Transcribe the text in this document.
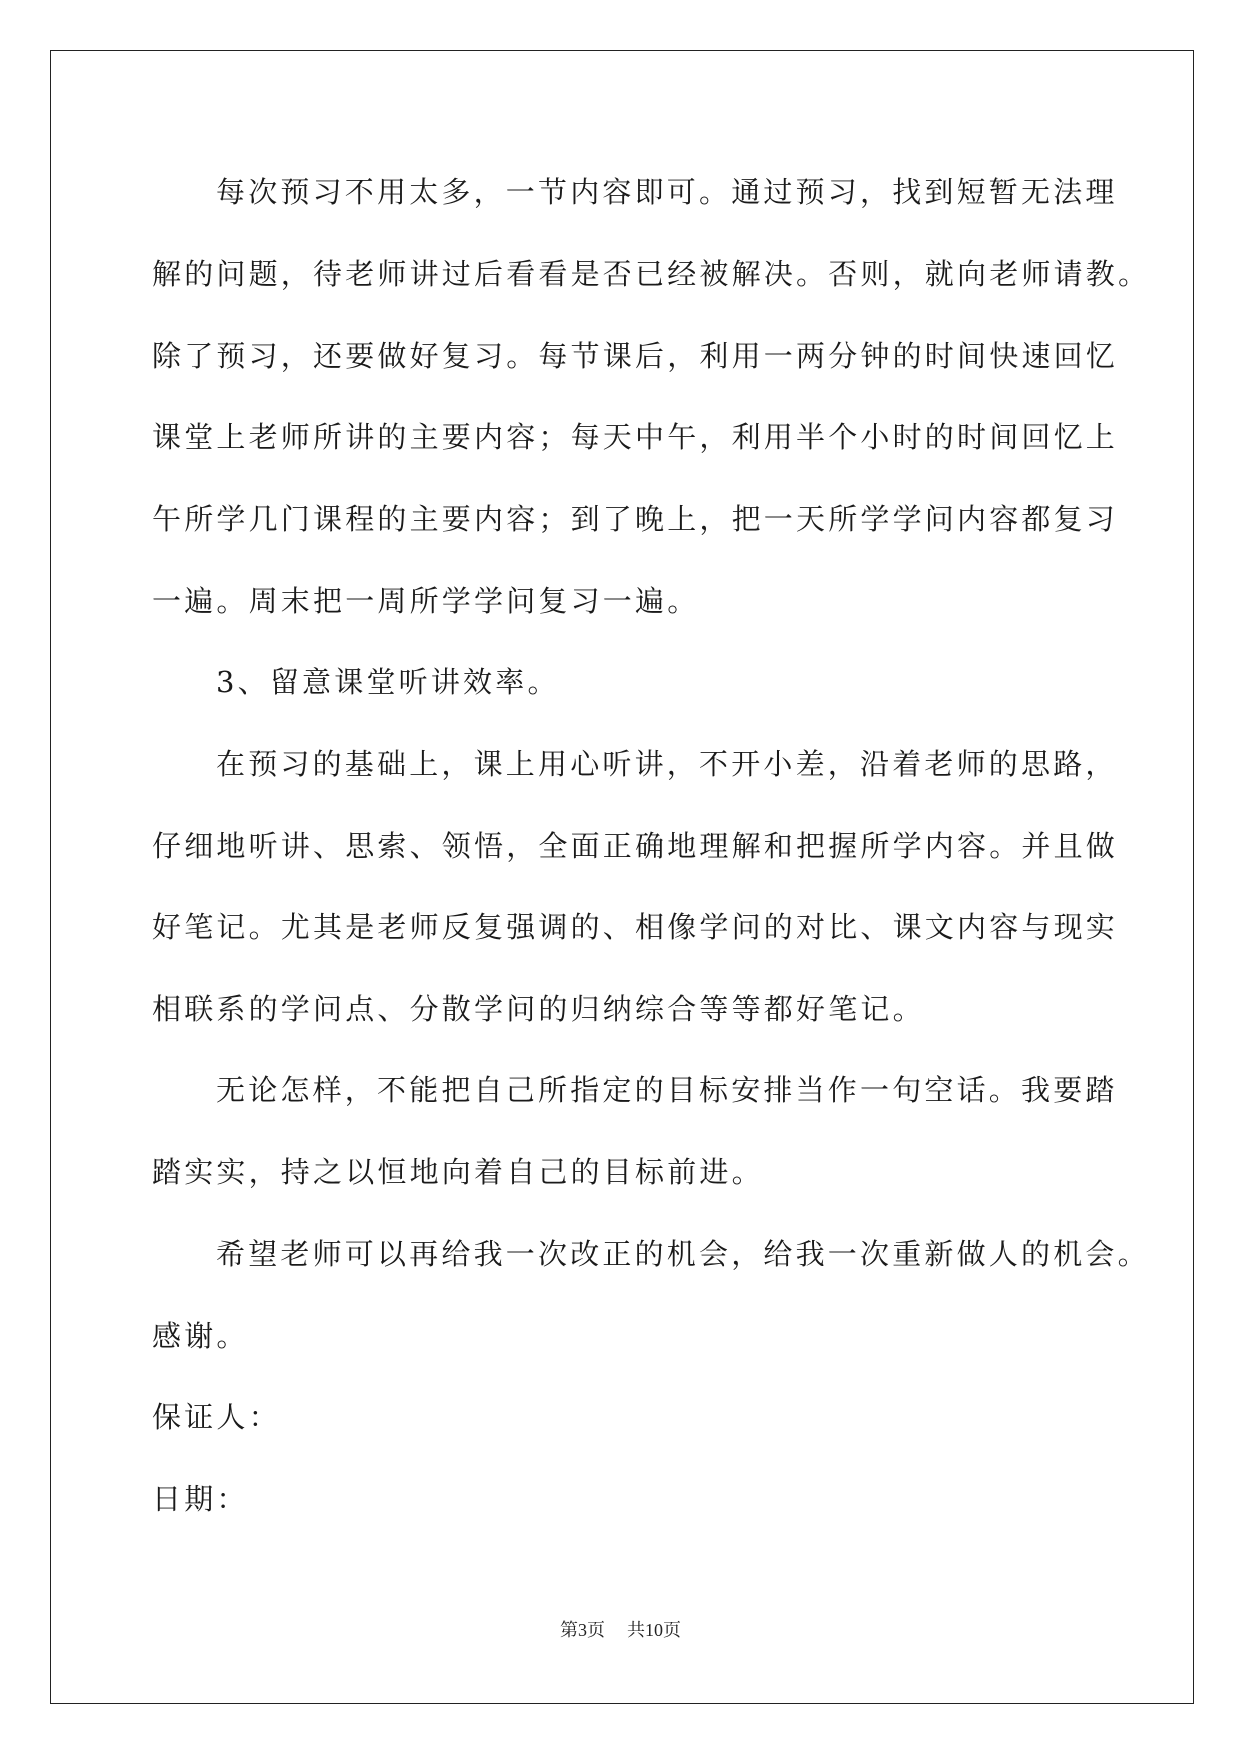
每次预习不用太多，一节内容即可。通过预习，找到短暂无法理
解的问题，待老师讲过后看看是否已经被解决。否则，就向老师请教。
除了预习，还要做好复习。每节课后，利用一两分钟的时间快速回忆
课堂上老师所讲的主要内容；每天中午，利用半个小时的时间回忆上
午所学几门课程的主要内容；到了晚上，把一天所学学问内容都复习
一遍。周末把一周所学学问复习一遍。
3、留意课堂听讲效率。
在预习的基础上，课上用心听讲，不开小差，沿着老师的思路，
仔细地听讲、思索、领悟，全面正确地理解和把握所学内容。并且做
好笔记。尤其是老师反复强调的、相像学问的对比、课文内容与现实
相联系的学问点、分散学问的归纳综合等等都好笔记。
无论怎样，不能把自己所指定的目标安排当作一句空话。我要踏
踏实实，持之以恒地向着自己的目标前进。
希望老师可以再给我一次改正的机会，给我一次重新做人的机会。
感谢。
保证人：
日期：
第3页 共10页
